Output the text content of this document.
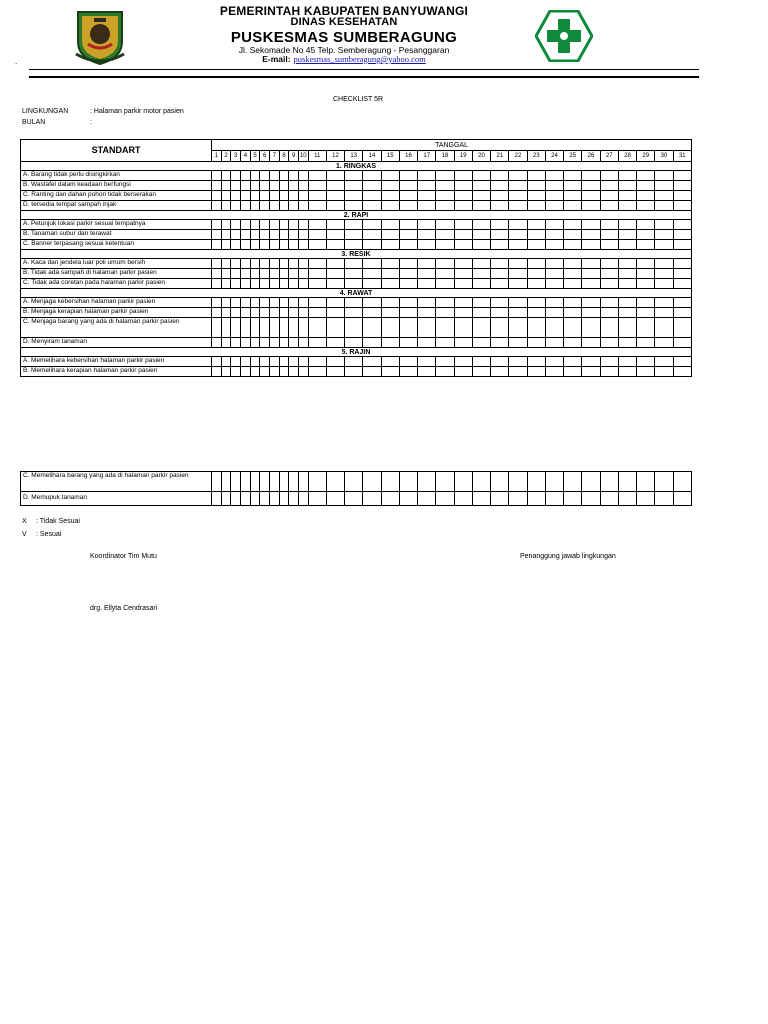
PEMERINTAH KABUPATEN BANYUWANGI
DINAS KESEHATAN
PUSKESMAS SUMBERAGUNG
Jl. Sekomade No 45 Telp. Semberagung - Pesanggaran
E-mail: puskesmas_sumberagung@yahoo.com
.
CHECKLIST 5R
LINGKUNGAN	: Halaman parkir motor pasien
BULAN	:
STANDART	TANGGAL																														
	1	2	3	4	5	6	7	8	9	10	11	12	13	14	15	16	17	18	19	20	21	22	23	24	25	26	27	28	29	30	31
1. RINGKAS																															
A. Barang tidak perlu disingkirkan																															
B. Wastafel dalam keadaan berfungsi																															
C. Ranting dan dahan pohon tidak berserakan																															
D. tersedia tempat sampah injak																															
2. RAPI																															
A. Petunjuk lokasi parkir sesuai tempatnya																															
B. Tanaman subur dan terawat																															
C. Banner terpasang sesuai ketentuan																															
3. RESIK																															
A. Kaca dan jendela luar poli umum bersih																															
B. Tidak ada sampah di halaman parkir pasien																															
C. Tidak ada coretan pada halaman parkir pasien																															
4. RAWAT																															
A. Menjaga kebersihan halaman parkir pasien																															
B. Menjaga kerapian halaman parkir pasien																															
C. Menjaga barang yang ada di halaman parkir pasien																															
D. Menyiram tanaman																															
5. RAJIN																															
A. Memelihara kebersihan halaman parkir pasien																															
B. Memelihara kerapian halaman parkir pasien																															
C. Memelihara barang yang ada di halaman parkir pasien																															
D. Memupuk tanaman																															
X : Tidak Sesuai
V : Sesuai
Koordinator Tim Mutu
drg. Ellyta Cendrasari
Penanggung jawab lingkungan
